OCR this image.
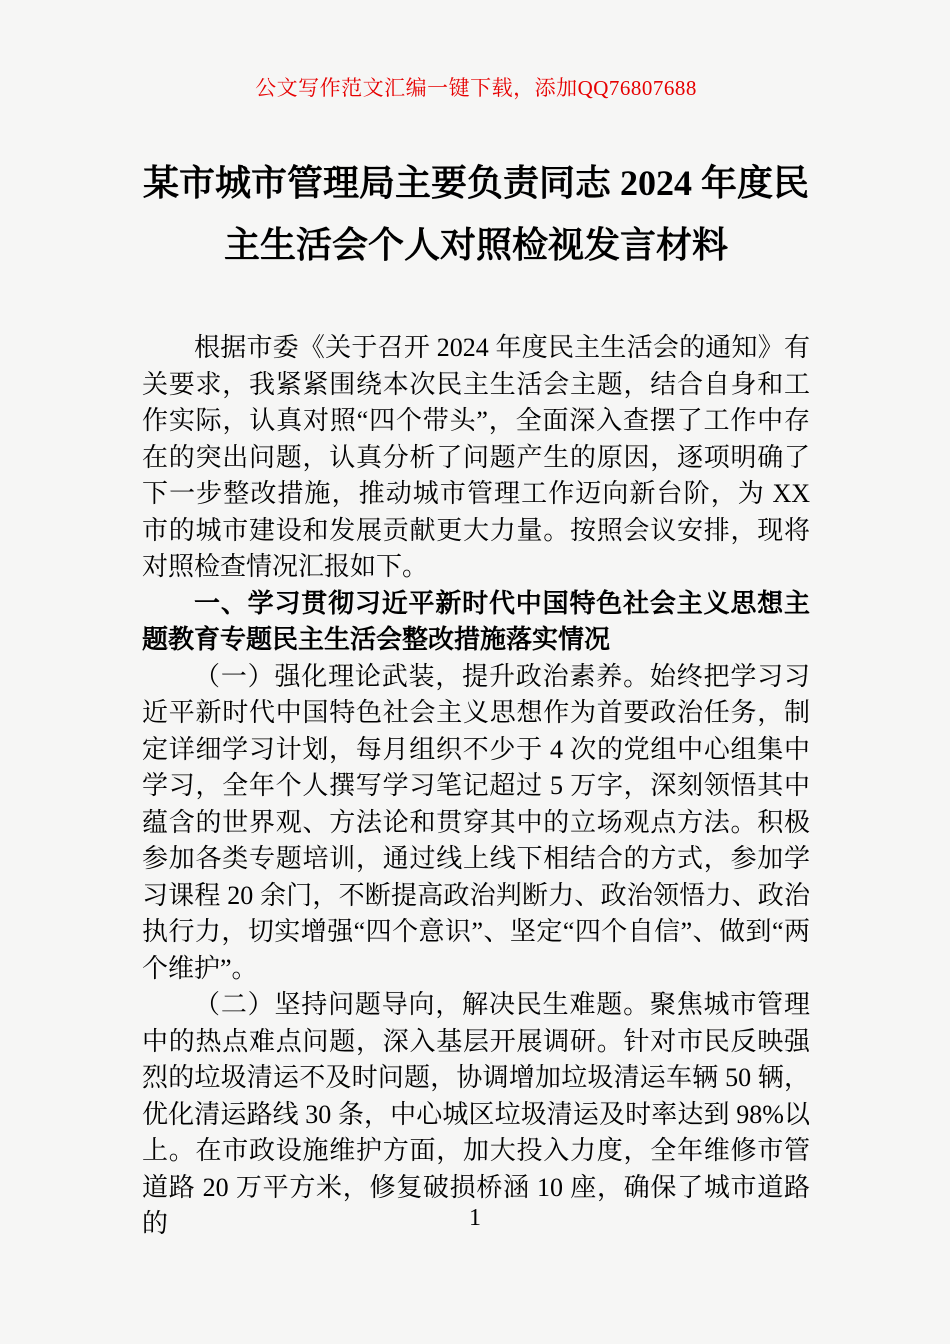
公文写作范文汇编一键下载，添加QQ76807688
某市城市管理局主要负责同志 2024 年度民主生活会个人对照检视发言材料

根据市委《关于召开 2024 年度民主生活会的通知》有关要求，我紧紧围绕本次民主生活会主题，结合自身和工作实际，认真对照“四个带头”，全面深入查摆了工作中存在的突出问题，认真分析了问题产生的原因，逐项明确了下一步整改措施，推动城市管理工作迈向新台阶，为 XX 市的城市建设和发展贡献更大力量。按照会议安排，现将对照检查情况汇报如下。

一、学习贯彻习近平新时代中国特色社会主义思想主题教育专题民主生活会整改措施落实情况

（一）强化理论武装，提升政治素养。始终把学习习近平新时代中国特色社会主义思想作为首要政治任务，制定详细学习计划，每月组织不少于 4 次的党组中心组集中学习，全年个人撰写学习笔记超过 5 万字，深刻领悟其中蕴含的世界观、方法论和贯穿其中的立场观点方法。积极参加各类专题培训，通过线上线下相结合的方式，参加学习课程 20 余门，不断提高政治判断力、政治领悟力、政治执行力，切实增强“四个意识”、坚定“四个自信”、做到“两个维护”。

（二）坚持问题导向，解决民生难题。聚焦城市管理中的热点难点问题，深入基层开展调研。针对市民反映强烈的垃圾清运不及时问题，协调增加垃圾清运车辆 50 辆，优化清运路线 30 条，中心城区垃圾清运及时率达到 98%以上。在市政设施维护方面，加大投入力度，全年维修市管道路 20 万平方米，修复破损桥涵 10 座，确保了城市道路的	1
